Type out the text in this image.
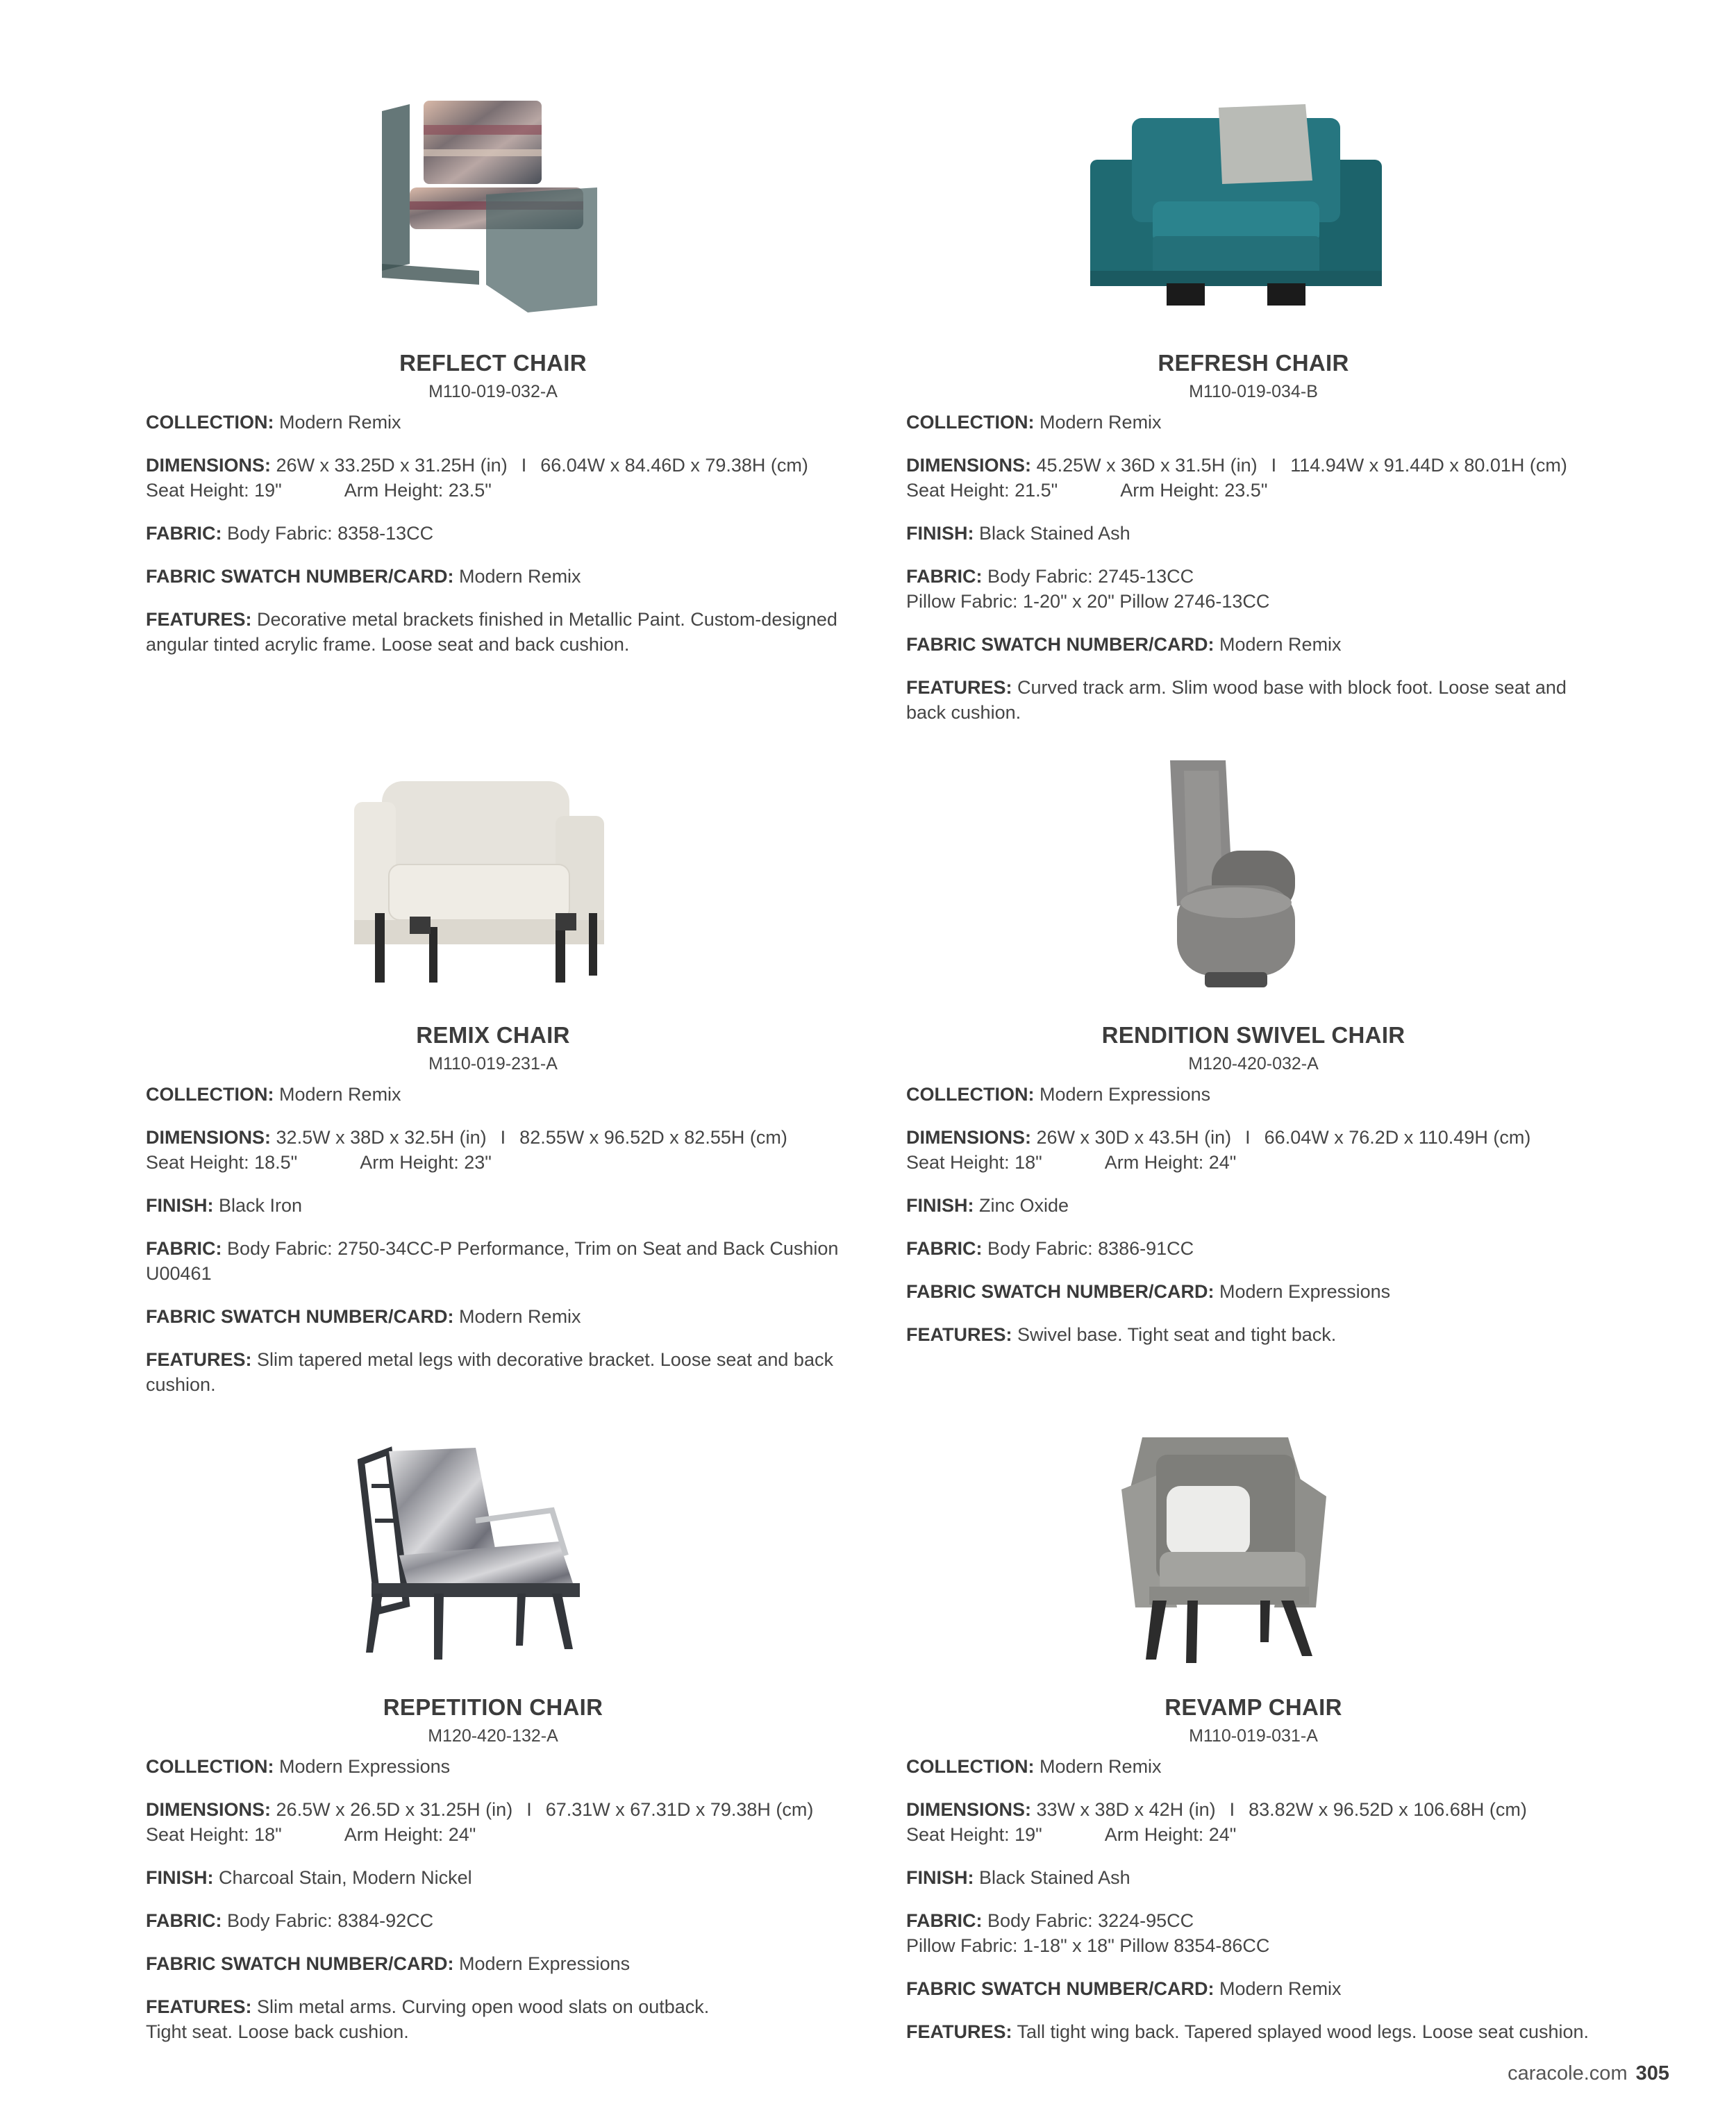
REFLECT CHAIR
M110-019-032-A
COLLECTION: Modern Remix
DIMENSIONS: 26W x 33.25D x 31.25H (in) I 66.04W x 84.46D x 79.38H (cm)
Seat Height: 19"	Arm Height: 23.5"
FABRIC: Body Fabric: 8358-13CC
FABRIC SWATCH NUMBER/CARD: Modern Remix
FEATURES: Decorative metal brackets finished in Metallic Paint. Custom-designed angular tinted acrylic frame. Loose seat and back cushion.
REFRESH CHAIR
M110-019-034-B
COLLECTION: Modern Remix
DIMENSIONS: 45.25W x 36D x 31.5H (in) I 114.94W x 91.44D x 80.01H (cm)
Seat Height: 21.5"	Arm Height: 23.5"
FINISH: Black Stained Ash
FABRIC: Body Fabric: 2745-13CC
Pillow Fabric: 1-20" x 20" Pillow 2746-13CC
FABRIC SWATCH NUMBER/CARD: Modern Remix
FEATURES: Curved track arm. Slim wood base with block foot. Loose seat and back cushion.
REMIX CHAIR
M110-019-231-A
COLLECTION: Modern Remix
DIMENSIONS: 32.5W x 38D x 32.5H (in) I 82.55W x 96.52D x 82.55H (cm)
Seat Height: 18.5"	Arm Height: 23"
FINISH: Black Iron
FABRIC: Body Fabric: 2750-34CC-P Performance, Trim on Seat and Back Cushion U00461
FABRIC SWATCH NUMBER/CARD: Modern Remix
FEATURES: Slim tapered metal legs with decorative bracket. Loose seat and back cushion.
RENDITION SWIVEL CHAIR
M120-420-032-A
COLLECTION: Modern Expressions
DIMENSIONS: 26W x 30D x 43.5H (in) I 66.04W x 76.2D x 110.49H (cm)
Seat Height: 18"	Arm Height: 24"
FINISH: Zinc Oxide
FABRIC: Body Fabric: 8386-91CC
FABRIC SWATCH NUMBER/CARD: Modern Expressions
FEATURES: Swivel base. Tight seat and tight back.
REPETITION CHAIR
M120-420-132-A
COLLECTION: Modern Expressions
DIMENSIONS: 26.5W x 26.5D x 31.25H (in) I 67.31W x 67.31D x 79.38H (cm)
Seat Height: 18"	Arm Height: 24"
FINISH: Charcoal Stain, Modern Nickel
FABRIC: Body Fabric: 8384-92CC
FABRIC SWATCH NUMBER/CARD: Modern Expressions
FEATURES: Slim metal arms. Curving open wood slats on outback.
Tight seat. Loose back cushion.
REVAMP CHAIR
M110-019-031-A
COLLECTION: Modern Remix
DIMENSIONS: 33W x 38D x 42H (in) I 83.82W x 96.52D x 106.68H (cm)
Seat Height: 19"	Arm Height: 24"
FINISH: Black Stained Ash
FABRIC: Body Fabric: 3224-95CC
Pillow Fabric: 1-18" x 18" Pillow 8354-86CC
FABRIC SWATCH NUMBER/CARD: Modern Remix
FEATURES: Tall tight wing back. Tapered splayed wood legs. Loose seat cushion.
caracole.com 305
